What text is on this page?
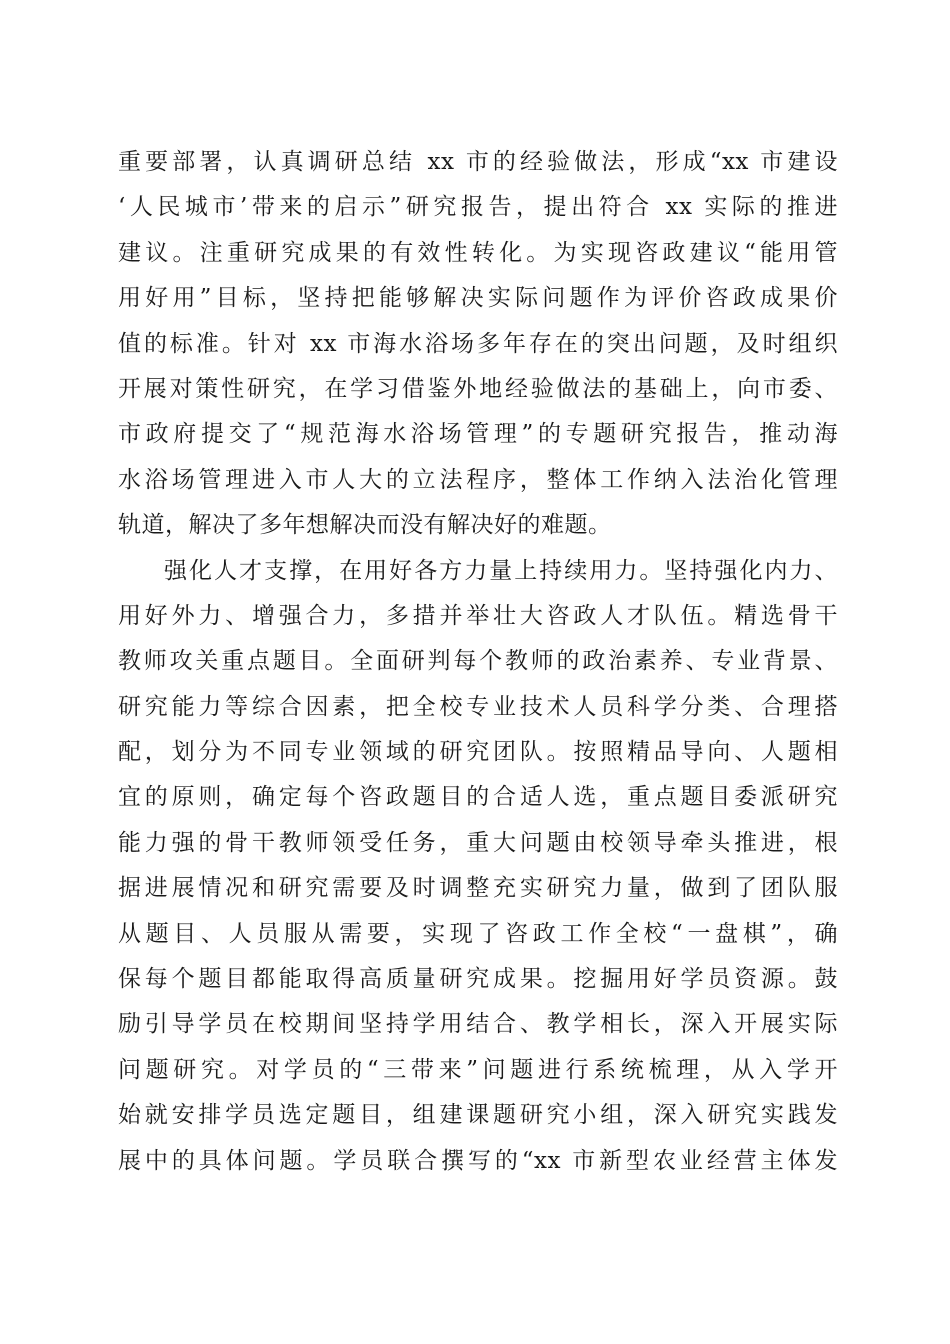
重要部署，认真调研总结 xx 市的经验做法，形成“xx 市建设
‘人民城市’带来的启示”研究报告，提出符合 xx 实际的推进
建议。注重研究成果的有效性转化。为实现咨政建议“能用管
用好用”目标，坚持把能够解决实际问题作为评价咨政成果价
值的标准。针对 xx 市海水浴场多年存在的突出问题，及时组织
开展对策性研究，在学习借鉴外地经验做法的基础上，向市委、
市政府提交了“规范海水浴场管理”的专题研究报告，推动海
水浴场管理进入市人大的立法程序，整体工作纳入法治化管理
轨道，解决了多年想解决而没有解决好的难题。
强化人才支撑，在用好各方力量上持续用力。坚持强化内力、
用好外力、增强合力，多措并举壮大咨政人才队伍。精选骨干
教师攻关重点题目。全面研判每个教师的政治素养、专业背景、
研究能力等综合因素，把全校专业技术人员科学分类、合理搭
配，划分为不同专业领域的研究团队。按照精品导向、人题相
宜的原则，确定每个咨政题目的合适人选，重点题目委派研究
能力强的骨干教师领受任务，重大问题由校领导牵头推进，根
据进展情况和研究需要及时调整充实研究力量，做到了团队服
从题目、人员服从需要，实现了咨政工作全校“一盘棋”，确
保每个题目都能取得高质量研究成果。挖掘用好学员资源。鼓
励引导学员在校期间坚持学用结合、教学相长，深入开展实际
问题研究。对学员的“三带来”问题进行系统梳理，从入学开
始就安排学员选定题目，组建课题研究小组，深入研究实践发
展中的具体问题。学员联合撰写的“xx 市新型农业经营主体发
